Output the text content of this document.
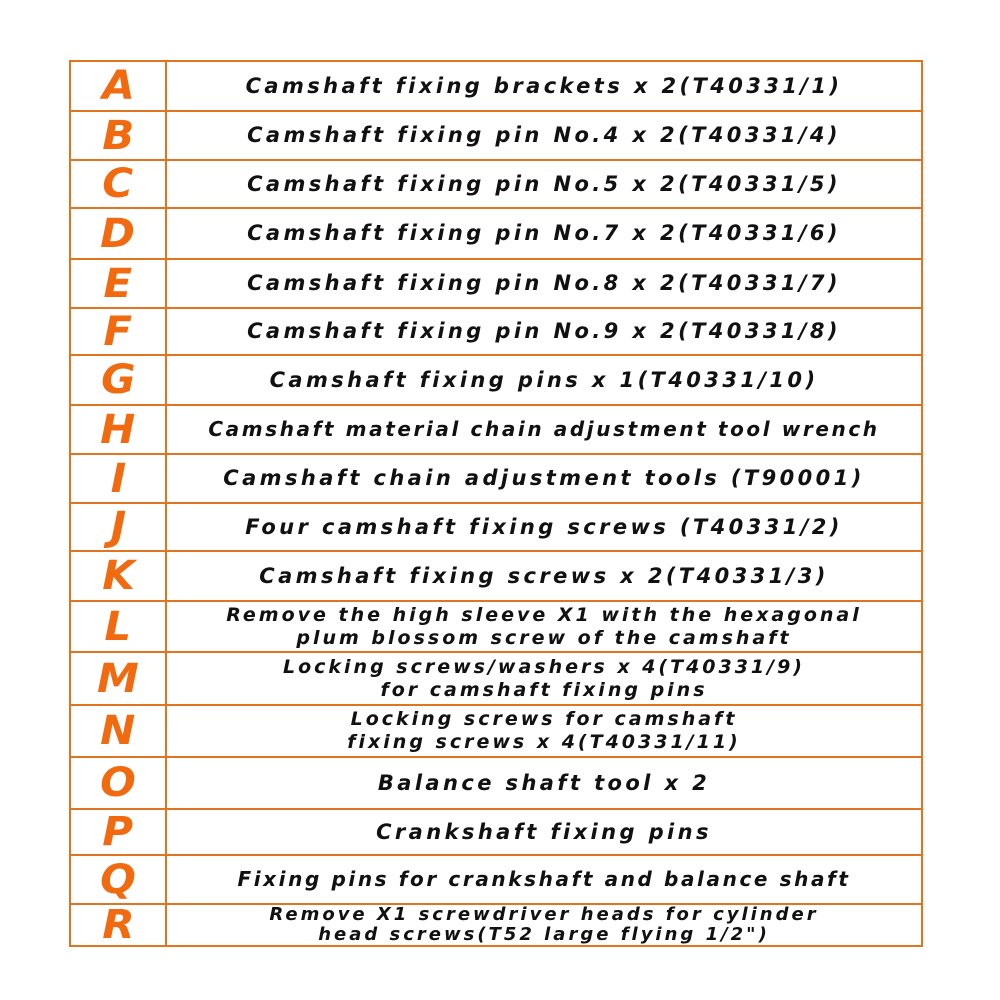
A	Camshaft fixing brackets x 2(T40331/1)
B	Camshaft fixing pin No.4 x 2(T40331/4)
C	Camshaft fixing pin No.5 x 2(T40331/5)
D	Camshaft fixing pin No.7 x 2(T40331/6)
E	Camshaft fixing pin No.8 x 2(T40331/7)
F	Camshaft fixing pin No.9 x 2(T40331/8)
G	Camshaft fixing pins x 1(T40331/10)
H	Camshaft material chain adjustment tool wrench
I	Camshaft chain adjustment tools (T90001)
J	Four camshaft fixing screws (T40331/2)
K	Camshaft fixing screws x 2(T40331/3)
L	Remove the high sleeve X1 with the hexagonal
plum blossom screw of the camshaft
M	Locking screws/washers x 4(T40331/9)
for camshaft fixing pins
N	Locking screws for camshaft
fixing screws x 4(T40331/11)
O	Balance shaft tool x 2
P	Crankshaft fixing pins
Q	Fixing pins for crankshaft and balance shaft
R	Remove X1 screwdriver heads for cylinder
head screws(T52 large flying 1/2")
